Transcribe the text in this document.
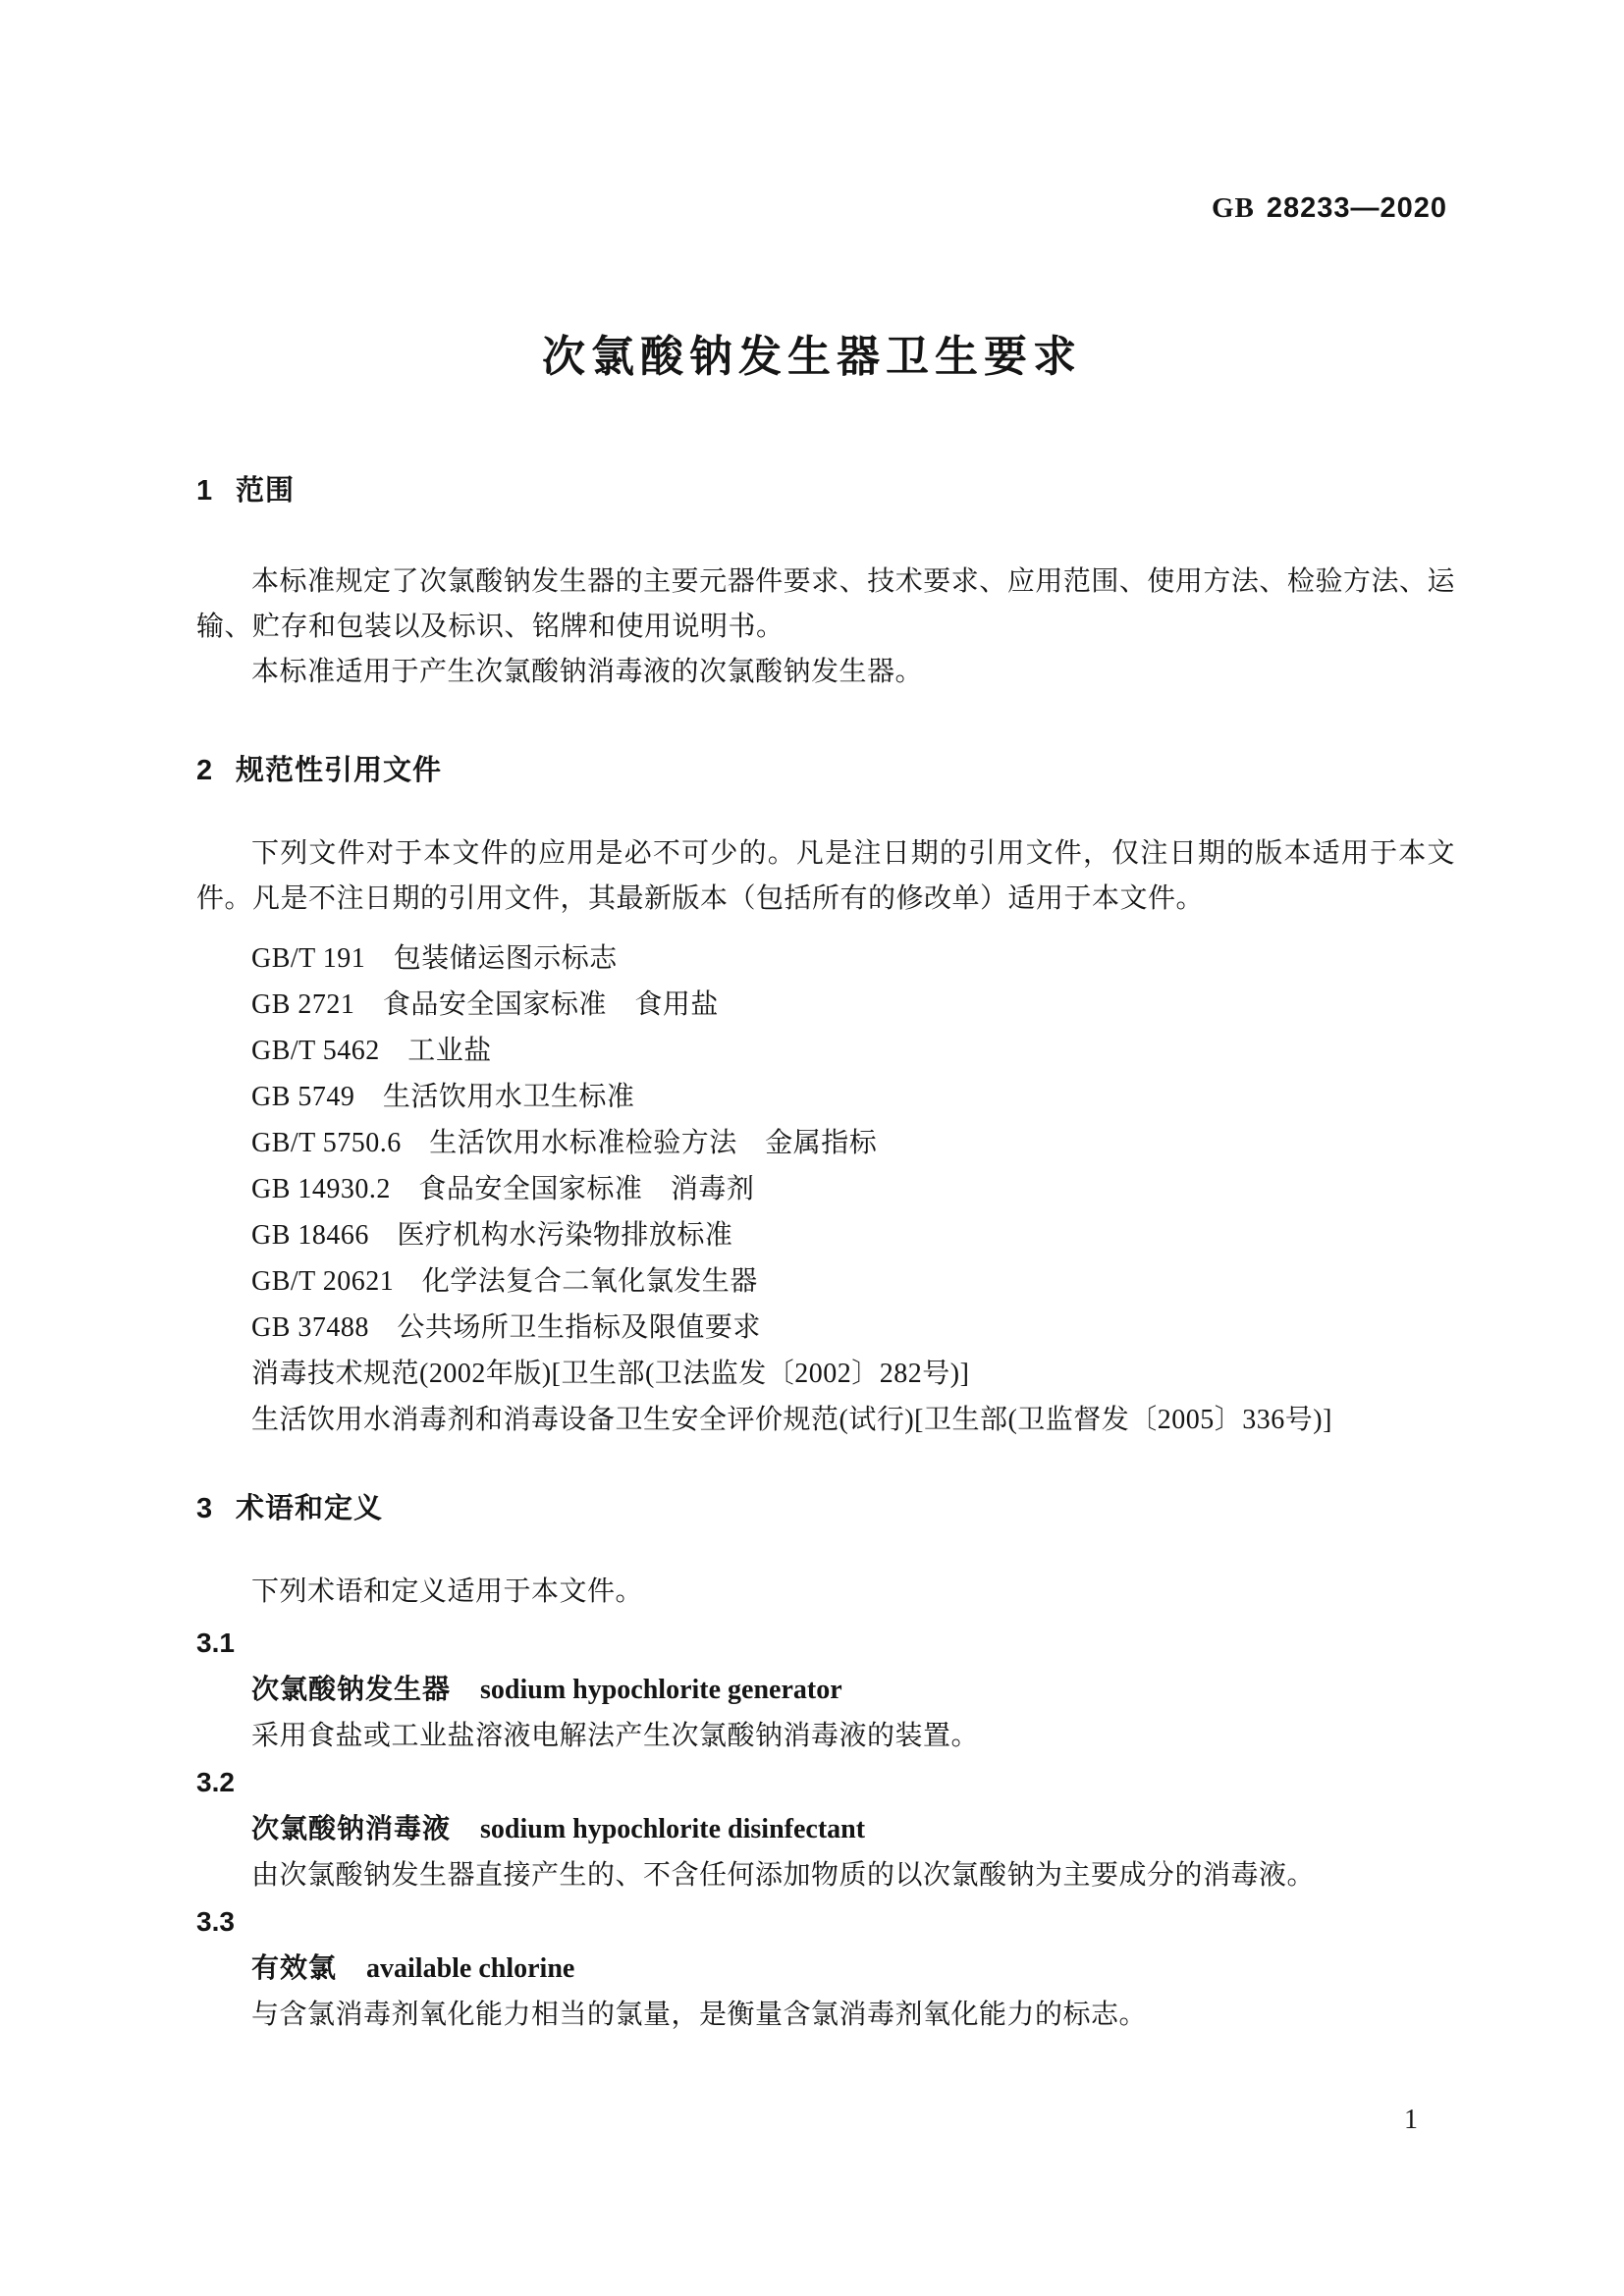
GB 28233—2020
次氯酸钠发生器卫生要求
1 范围

本标准规定了次氯酸钠发生器的主要元器件要求、技术要求、应用范围、使用方法、检验方法、运输、贮存和包装以及标识、铭牌和使用说明书。

本标准适用于产生次氯酸钠消毒液的次氯酸钠发生器。

2 规范性引用文件

下列文件对于本文件的应用是必不可少的。凡是注日期的引用文件，仅注日期的版本适用于本文件。凡是不注日期的引用文件，其最新版本（包括所有的修改单）适用于本文件。

GB/T 191　包装储运图示标志
GB 2721　食品安全国家标准　食用盐
GB/T 5462　工业盐
GB 5749　生活饮用水卫生标准
GB/T 5750.6　生活饮用水标准检验方法　金属指标
GB 14930.2　食品安全国家标准　消毒剂
GB 18466　医疗机构水污染物排放标准
GB/T 20621　化学法复合二氧化氯发生器
GB 37488　公共场所卫生指标及限值要求
消毒技术规范(2002年版)[卫生部(卫法监发〔2002〕282号)]
生活饮用水消毒剂和消毒设备卫生安全评价规范(试行)[卫生部(卫监督发〔2005〕336号)]
3 术语和定义

下列术语和定义适用于本文件。

3.1
次氯酸钠发生器 sodium hypochlorite generator
采用食盐或工业盐溶液电解法产生次氯酸钠消毒液的装置。
3.2
次氯酸钠消毒液 sodium hypochlorite disinfectant
由次氯酸钠发生器直接产生的、不含任何添加物质的以次氯酸钠为主要成分的消毒液。
3.3
有效氯 available chlorine
与含氯消毒剂氧化能力相当的氯量，是衡量含氯消毒剂氧化能力的标志。
1
